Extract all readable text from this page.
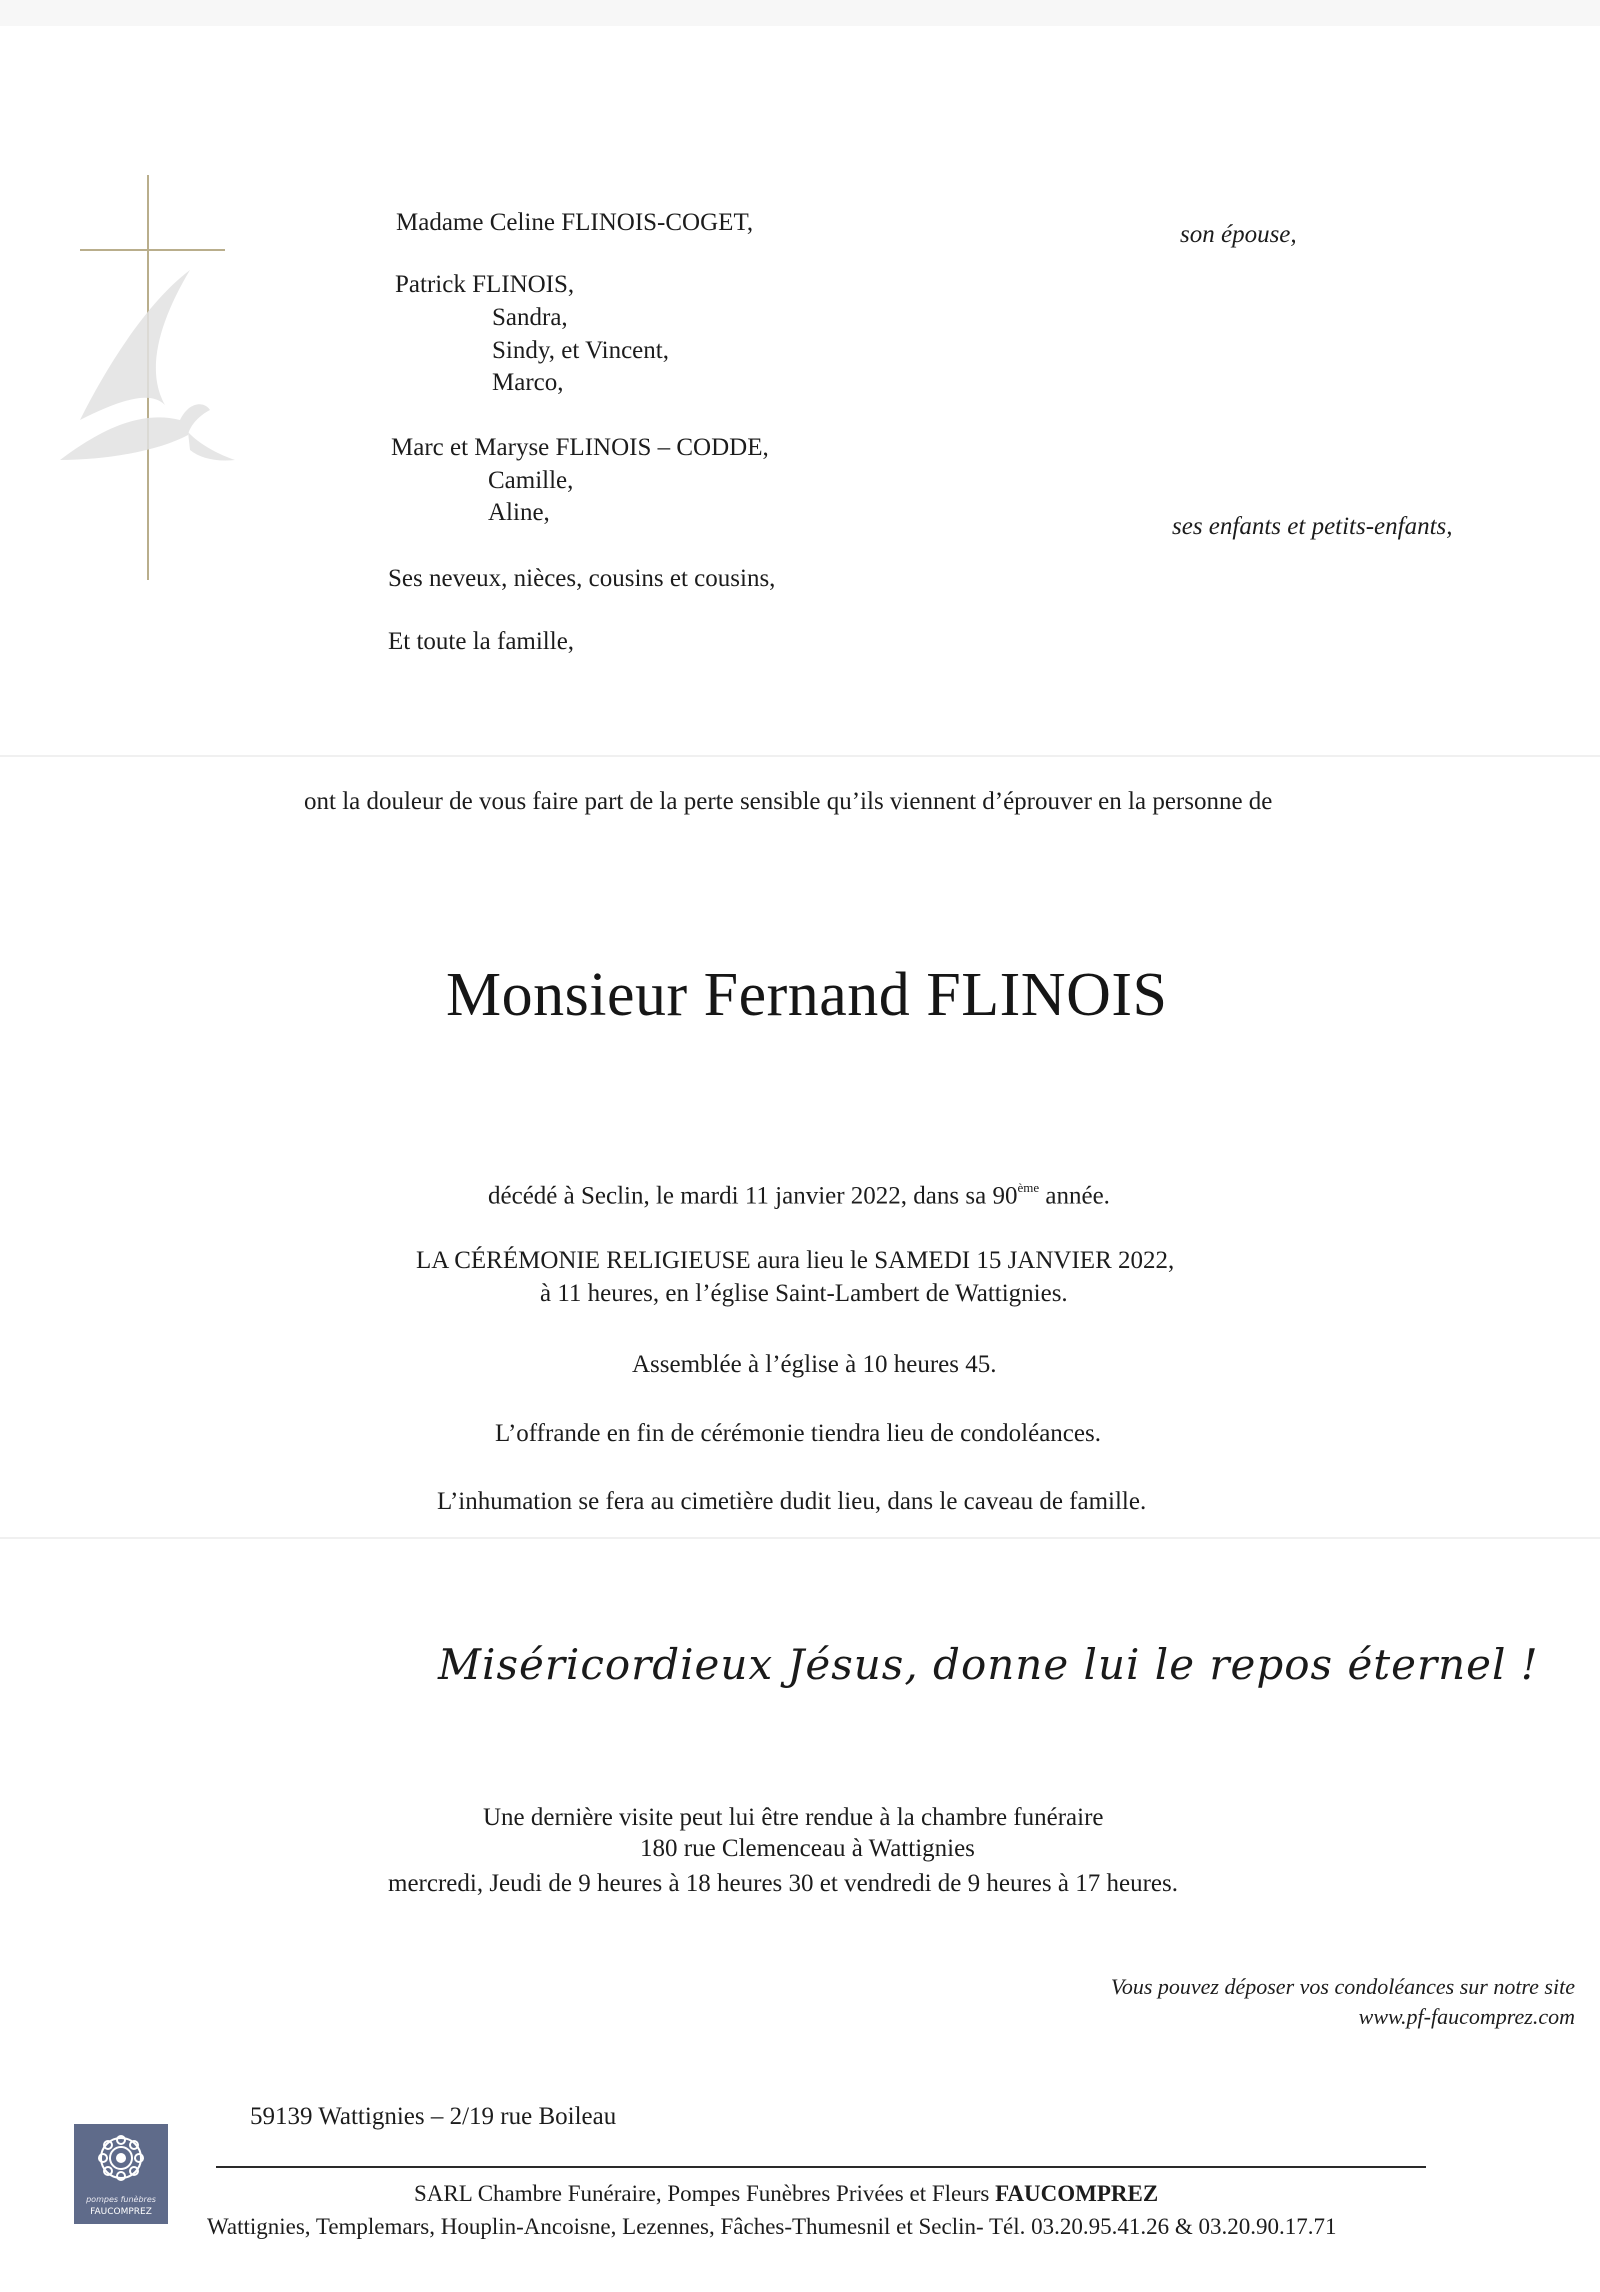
Madame Celine FLINOIS-COGET,	son épouse,
Patrick FLINOIS,
Sandra,
Sindy, et Vincent,
Marco,
Marc et Maryse FLINOIS – CODDE,
Camille,
Aline,
ses enfants et petits-enfants,
Ses neveux, nièces, cousins et cousins,
Et toute la famille,
ont la douleur de vous faire part de la perte sensible qu’ils viennent d’éprouver en la personne de
Monsieur Fernand FLINOIS
décédé à Seclin, le mardi 11 janvier 2022, dans sa 90ème année.
LA CÉRÉMONIE RELIGIEUSE aura lieu le SAMEDI 15 JANVIER 2022,
à 11 heures, en l’église Saint-Lambert de Wattignies.
Assemblée à l’église à 10 heures 45.
L’offrande en fin de cérémonie tiendra lieu de condoléances.
L’inhumation se fera au cimetière dudit lieu, dans le caveau de famille.
Miséricordieux Jésus, donne lui le repos éternel !
Une dernière visite peut lui être rendue à la chambre funéraire
180 rue Clemenceau à Wattignies
mercredi, Jeudi de 9 heures à 18 heures 30 et vendredi de 9 heures à 17 heures.
Vous pouvez déposer vos condoléances sur notre site
www.pf-faucomprez.com
59139 Wattignies – 2/19 rue Boileau
pompes funèbres
FAUCOMPREZ
SARL Chambre Funéraire, Pompes Funèbres Privées et Fleurs FAUCOMPREZ
Wattignies, Templemars, Houplin-Ancoisne, Lezennes, Fâches-Thumesnil et Seclin- Tél. 03.20.95.41.26 & 03.20.90.17.71
